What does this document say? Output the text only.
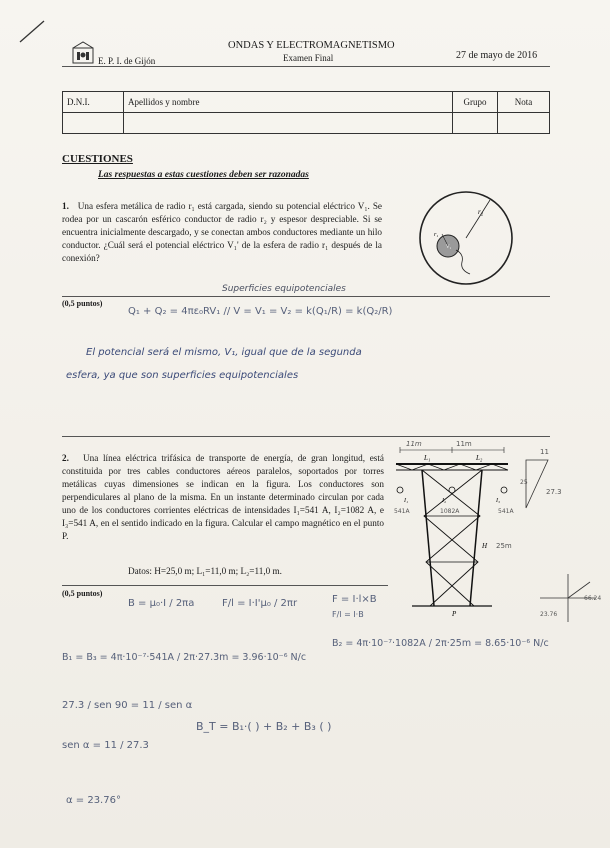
E. P. I. de Gijón
ONDAS Y ELECTROMAGNETISMO
Examen Final	27 de mayo de 2016
D.N.I.	Apellidos y nombre	Grupo	Nota

CUESTIONES
Las respuestas a estas cuestiones deben ser razonadas
1. Una esfera metálica de radio r₁ está cargada, siendo su potencial eléctrico V₁. Se rodea por un cascarón esférico conductor de radio r₂ y espesor despreciable. Si se encuentra inicialmente descargado, y se conectan ambos conductores mediante un hilo conductor. ¿Cuál será el potencial eléctrico V₁' de la esfera de radio r₁ después de la conexión?
r₂
r₁
V₁
Superficies equipotenciales
(0,5 puntos)
Q₁ + Q₂ = 4πε₀RV₁ // V = V₁ = V₂ = k(Q₁/R) = k(Q₂/R)
El potencial será el mismo, V₁, igual que de la segunda
esfera, ya que son superficies equipotenciales
2. Una línea eléctrica trifásica de transporte de energía, de gran longitud, está constituida por tres cables conductores aéreos paralelos, soportados por torres metálicas cuyas dimensiones se indican en la figura. Los conductores son perpendiculares al plano de la misma. En un instante determinado circulan por cada uno de los conductores corrientes eléctricas de intensidades I₁=541 A, I₂=1082 A, e I₃=541 A, en el sentido indicado en la figura. Calcular el campo magnético en el punto P.
Datos: H=25,0 m; L₁=11,0 m; L₂=11,0 m.
11m	11m
L₁	L₂
I₁	I₂	I₃
541A	1082A	541A
H 25m
P
11
25
27.3
66.24
23.76
(0,5 puntos)
B = μ₀·I / 2πa	F/l = I·I'μ₀ / 2πr	F = I·l×B
F/l = I·B
B₁ = B₃ = 4π·10⁻⁷·541A / 2π·27.3m = 3.96·10⁻⁶ N/c
B₂ = 4π·10⁻⁷·1082A / 2π·25m = 8.65·10⁻⁶ N/c
27.3 / sen 90 = 11 / sen α
sen α = 11 / 27.3
α = 23.76°
B_T = B₁·( ) + B₂ + B₃ ( )
